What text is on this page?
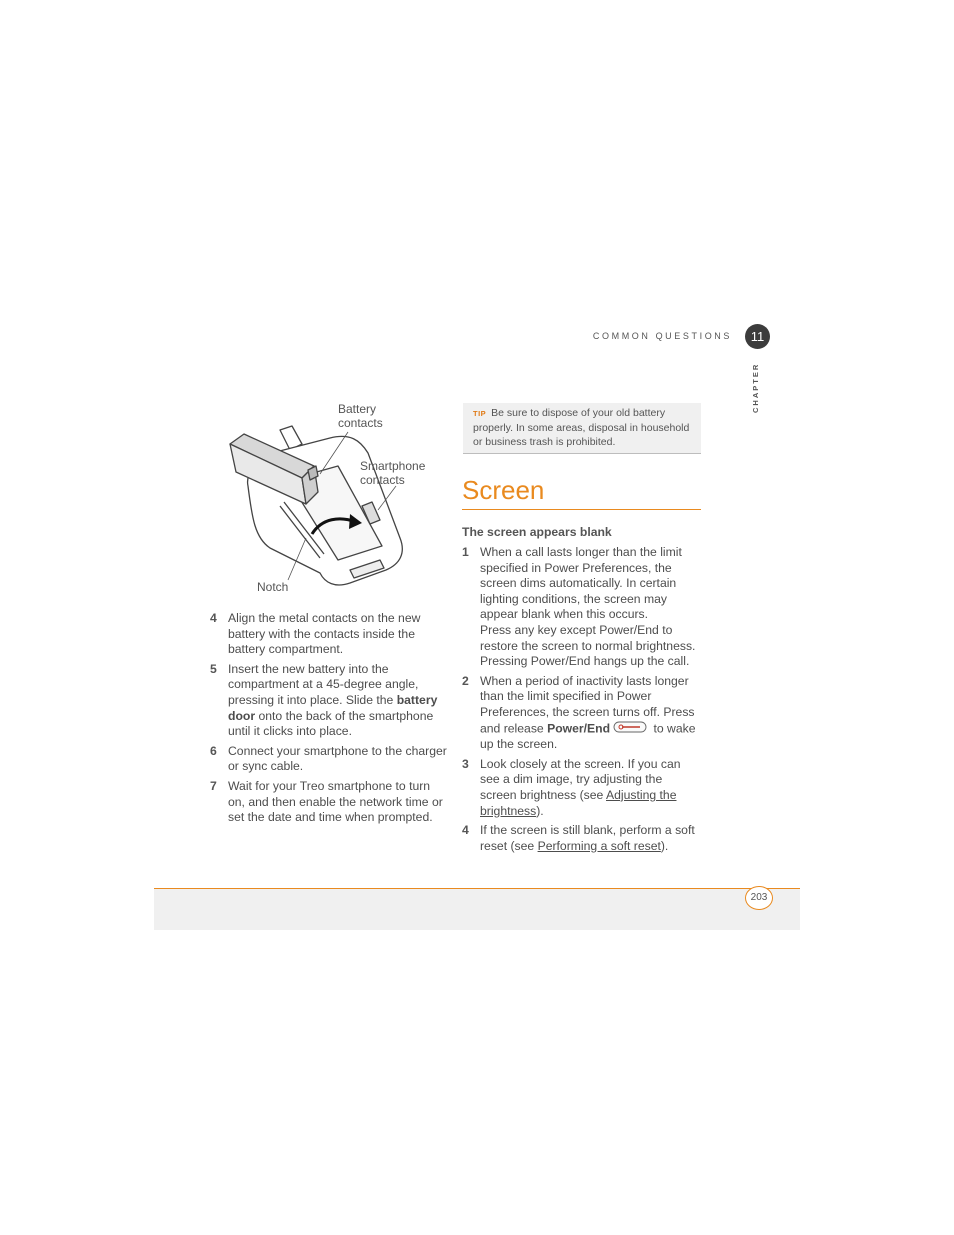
COMMON QUESTIONS	11
CHAPTER
Battery
contacts
Smartphone
contacts
Notch
4 Align the metal contacts on the new battery with the contacts inside the battery compartment.
5 Insert the new battery into the compartment at a 45-degree angle, pressing it into place. Slide the battery door onto the back of the smartphone until it clicks into place.
6 Connect your smartphone to the charger or sync cable.
7 Wait for your Treo smartphone to turn on, and then enable the network time or set the date and time when prompted.
TIP Be sure to dispose of your old battery properly. In some areas, disposal in household or business trash is prohibited.
Screen
The screen appears blank
1 When a call lasts longer than the limit specified in Power Preferences, the screen dims automatically. In certain lighting conditions, the screen may appear blank when this occurs.
Press any key except Power/End to restore the screen to normal brightness. Pressing Power/End hangs up the call.
2 When a period of inactivity lasts longer than the limit specified in Power Preferences, the screen turns off. Press and release Power/End	to wake up the screen.
3 Look closely at the screen. If you can see a dim image, try adjusting the screen brightness (see Adjusting the brightness).
4 If the screen is still blank, perform a soft reset (see Performing a soft reset).
203
